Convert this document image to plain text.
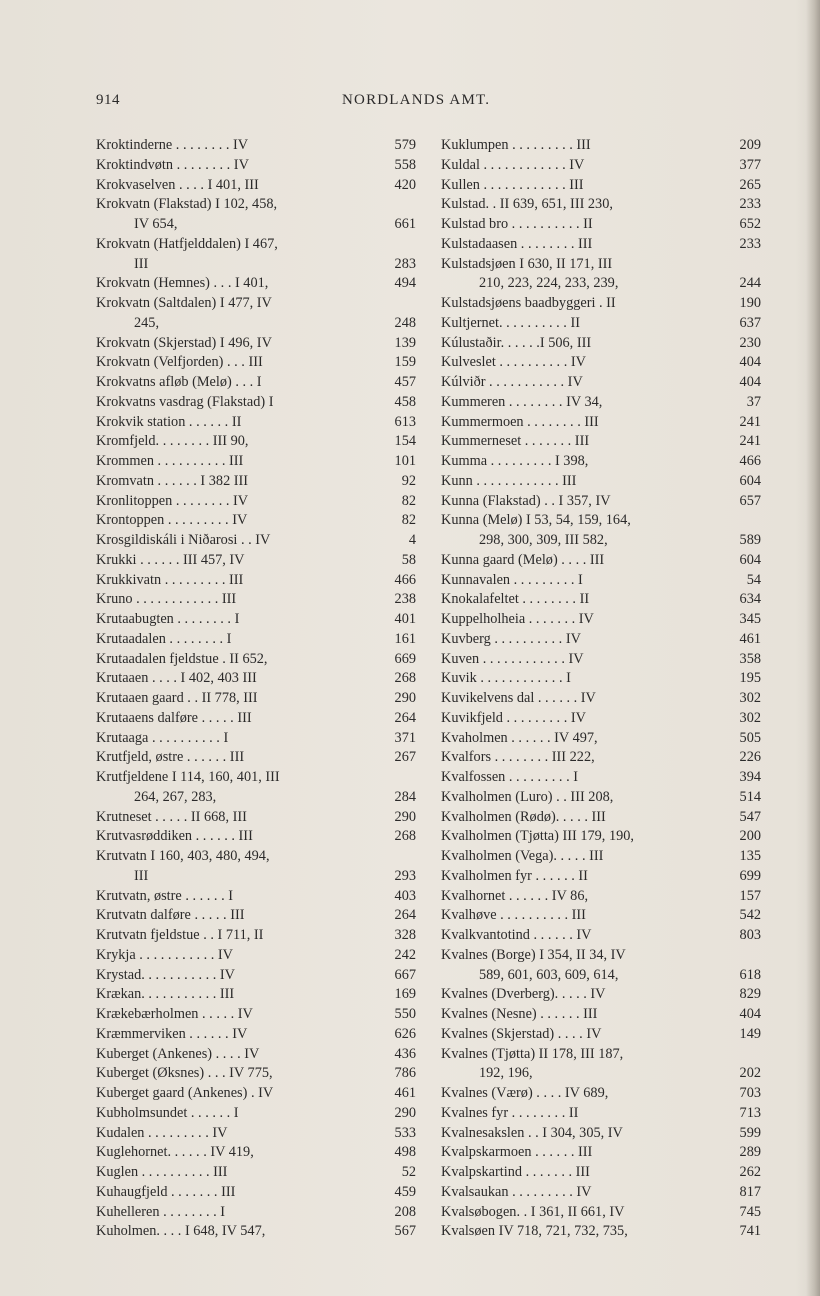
914	NORDLANDS AMT.
Kroktinderne . . . . . . . . IV	579
Kroktindvøtn . . . . . . . . IV	558
Krokvaselven . . . . I 401, III	420
Krokvatn (Flakstad) I 102, 458,
IV 654,	661
Krokvatn (Hatfjelddalen) I 467,
III	283
Krokvatn (Hemnes) . . . I 401,	494
Krokvatn (Saltdalen) I 477, IV
245,	248
Krokvatn (Skjerstad) I 496, IV	139
Krokvatn (Velfjorden) . . . III	159
Krokvatns afløb (Melø) . . . I	457
Krokvatns vasdrag (Flakstad) I	458
Krokvik station . . . . . . II	613
Kromfjeld. . . . . . . . III 90,	154
Krommen . . . . . . . . . . III	101
Kromvatn . . . . . . I 382 III	92
Kronlitoppen . . . . . . . . IV	82
Krontoppen . . . . . . . . . IV	82
Krosgildiskáli i Niðarosi . . IV	4
Krukki . . . . . . III 457, IV	58
Krukkivatn . . . . . . . . . III	466
Kruno . . . . . . . . . . . . III	238
Krutaabugten . . . . . . . . I	401
Krutaadalen . . . . . . . . I	161
Krutaadalen fjeldstue . II 652,	669
Krutaaen . . . . I 402, 403 III	268
Krutaaen gaard . . II 778, III	290
Krutaaens dalføre . . . . . III	264
Krutaaga . . . . . . . . . . I	371
Krutfjeld, østre . . . . . . III	267
Krutfjeldene I 114, 160, 401, III
264, 267, 283,	284
Krutneset . . . . . II 668, III	290
Krutvasrøddiken . . . . . . III	268
Krutvatn I 160, 403, 480, 494,
III	293
Krutvatn, østre . . . . . . I	403
Krutvatn dalføre . . . . . III	264
Krutvatn fjeldstue . . I 711, II	328
Krykja . . . . . . . . . . . IV	242
Krystad. . . . . . . . . . . IV	667
Krækan. . . . . . . . . . . III	169
Krækebærholmen . . . . . IV	550
Kræmmerviken . . . . . . IV	626
Kuberget (Ankenes) . . . . IV	436
Kuberget (Øksnes) . . . IV 775,	786
Kuberget gaard (Ankenes) . IV	461
Kubholmsundet . . . . . . I	290
Kudalen . . . . . . . . . IV	533
Kuglehornet. . . . . . IV 419,	498
Kuglen . . . . . . . . . . III	52
Kuhaugfjeld . . . . . . . III	459
Kuhelleren . . . . . . . . I	208
Kuholmen. . . . I 648, IV 547,	567
Kuklumpen . . . . . . . . . III	209
Kuldal . . . . . . . . . . . . IV	377
Kullen . . . . . . . . . . . . III	265
Kulstad. . II 639, 651, III 230,	233
Kulstad bro . . . . . . . . . . II	652
Kulstadaasen . . . . . . . . III	233
Kulstadsjøen I 630, II 171, III
210, 223, 224, 233, 239,	244
Kulstadsjøens baadbyggeri . II	190
Kultjernet. . . . . . . . . . II	637
Kúlustaðir. . . . . .I 506, III	230
Kulveslet . . . . . . . . . . IV	404
Kúlviðr . . . . . . . . . . . IV	404
Kummeren . . . . . . . . IV 34,	37
Kummermoen . . . . . . . . III	241
Kummerneset . . . . . . . III	241
Kumma . . . . . . . . . I 398,	466
Kunn . . . . . . . . . . . . III	604
Kunna (Flakstad) . . I 357, IV	657
Kunna (Melø) I 53, 54, 159, 164,
298, 300, 309, III 582,	589
Kunna gaard (Melø) . . . . III	604
Kunnavalen . . . . . . . . . I	54
Knokalafeltet . . . . . . . . II	634
Kuppelholheia . . . . . . . IV	345
Kuvberg . . . . . . . . . . IV	461
Kuven . . . . . . . . . . . . IV	358
Kuvik . . . . . . . . . . . . I	195
Kuvikelvens dal . . . . . . IV	302
Kuvikfjeld . . . . . . . . . IV	302
Kvaholmen . . . . . . IV 497,	505
Kvalfors . . . . . . . . III 222,	226
Kvalfossen . . . . . . . . . I	394
Kvalholmen (Luro) . . III 208,	514
Kvalholmen (Rødø). . . . . III	547
Kvalholmen (Tjøtta) III 179, 190,	200
Kvalholmen (Vega). . . . . III	135
Kvalholmen fyr . . . . . . II	699
Kvalhornet . . . . . . IV 86,	157
Kvalhøve . . . . . . . . . . III	542
Kvalkvantotind . . . . . . IV	803
Kvalnes (Borge) I 354, II 34, IV
589, 601, 603, 609, 614,	618
Kvalnes (Dverberg). . . . . IV	829
Kvalnes (Nesne) . . . . . . III	404
Kvalnes (Skjerstad) . . . . IV	149
Kvalnes (Tjøtta) II 178, III 187,
192, 196,	202
Kvalnes (Værø) . . . . IV 689,	703
Kvalnes fyr . . . . . . . . II	713
Kvalnesakslen . . I 304, 305, IV	599
Kvalpskarmoen . . . . . . III	289
Kvalpskartind . . . . . . . III	262
Kvalsaukan . . . . . . . . . IV	817
Kvalsøbogen. . I 361, II 661, IV	745
Kvalsøen IV 718, 721, 732, 735,	741
